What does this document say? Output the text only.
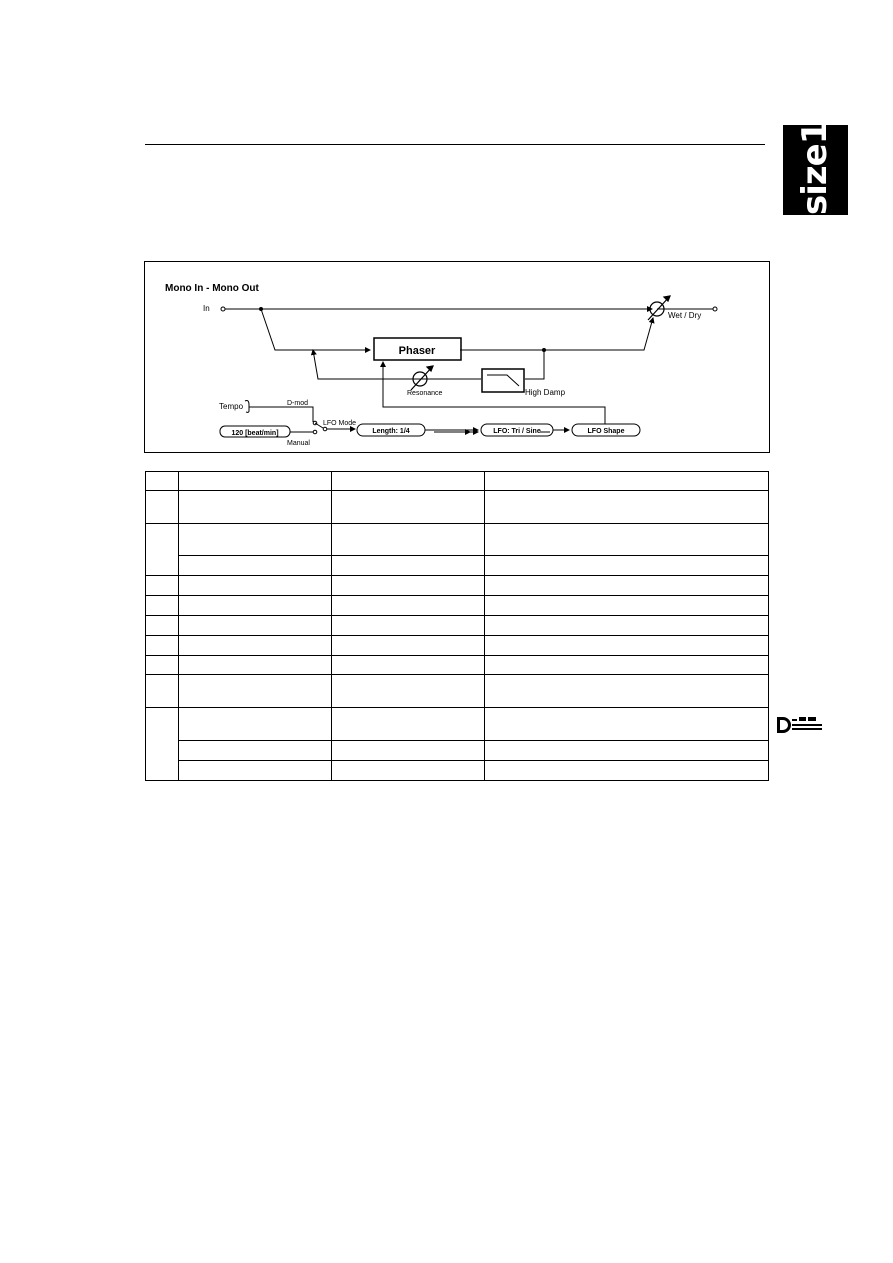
size1
Mono In - Mono Out
In
Wet / Dry
Phaser
Resonance	High Damp
Tempo	D-mod
LFO Mode
Manual
120 [beat/min]	Length: 1/4	LFO: Tri / Sine	LFO Shape
